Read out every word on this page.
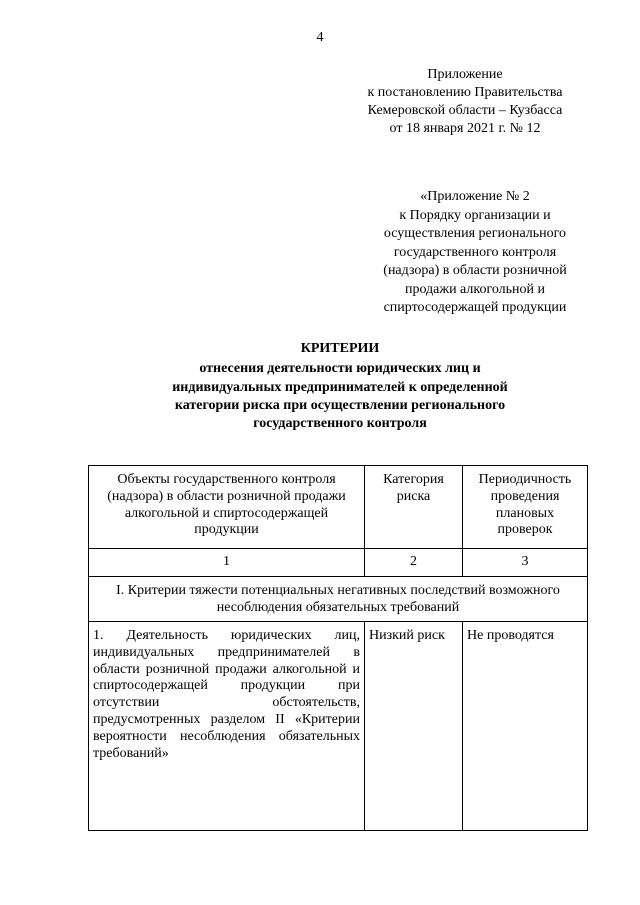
4
Приложение
к постановлению Правительства
Кемеровской области – Кузбасса
от 18 января 2021 г. № 12
«Приложение № 2
к Порядку организации и
осуществления регионального
государственного контроля
(надзора) в области розничной
продажи алкогольной и
спиртосодержащей продукции
КРИТЕРИИ
отнесения деятельности юридических лиц и
индивидуальных предпринимателей к определенной
категории риска при осуществлении регионального
государственного контроля
Объекты государственного контроля (надзора) в области розничной продажи алкогольной и спиртосодержащей продукции	Категория риска	Периодичность проведения плановых проверок
1	2	3
I. Критерии тяжести потенциальных негативных последствий возможного несоблюдения обязательных требований		
1. Деятельность юридических лиц, индивидуальных предпринимателей в области розничной продажи алкогольной и спиртосодержащей продукции при отсутствии обстоятельств, предусмотренных разделом II «Критерии вероятности несоблюдения обязательных требований»	Низкий риск	Не проводятся
